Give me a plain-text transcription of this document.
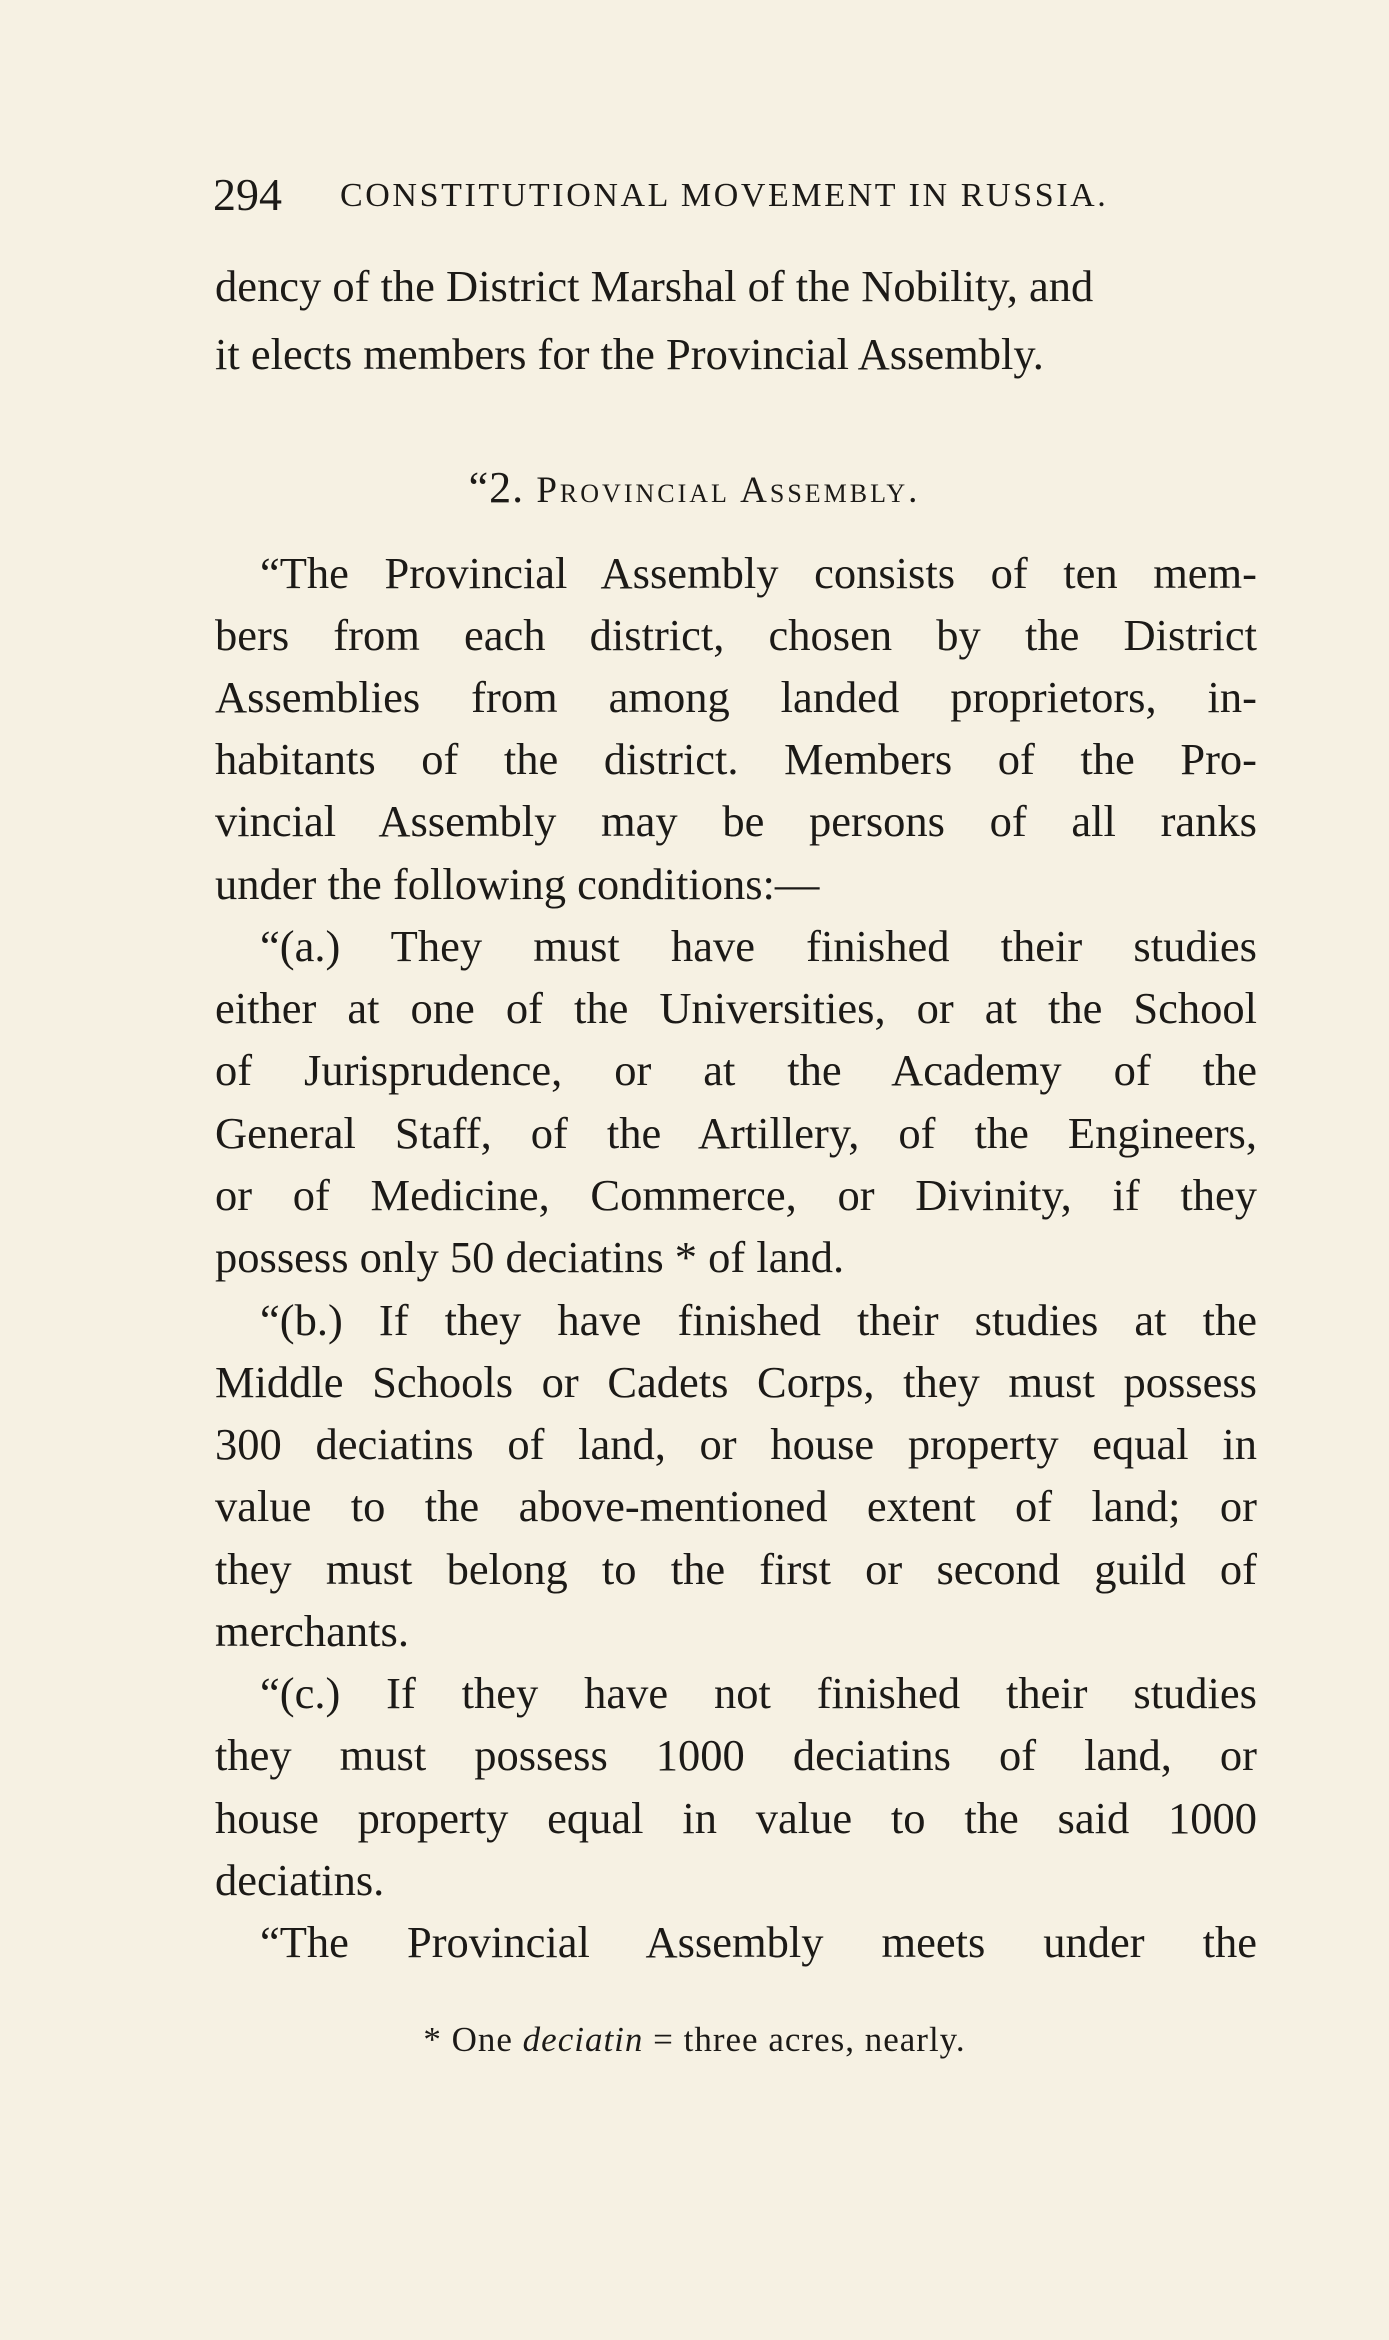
294 CONSTITUTIONAL MOVEMENT IN RUSSIA.
dency of the District Marshal of the Nobility, and
it elects members for the Provincial Assembly.
“2. Provincial Assembly.
“The Provincial Assembly consists of ten mem-
bers from each district, chosen by the District
Assemblies from among landed proprietors, in-
habitants of the district. Members of the Pro-
vincial Assembly may be persons of all ranks
under the following conditions:—
“(a.) They must have finished their studies
either at one of the Universities, or at the School
of Jurisprudence, or at the Academy of the
General Staff, of the Artillery, of the Engineers,
or of Medicine, Commerce, or Divinity, if they
possess only 50 deciatins * of land.
“(b.) If they have finished their studies at the
Middle Schools or Cadets Corps, they must possess
300 deciatins of land, or house property equal in
value to the above-mentioned extent of land; or
they must belong to the first or second guild of
merchants.
“(c.) If they have not finished their studies
they must possess 1000 deciatins of land, or
house property equal in value to the said 1000
deciatins.
“The Provincial Assembly meets under the
* One deciatin = three acres, nearly.
